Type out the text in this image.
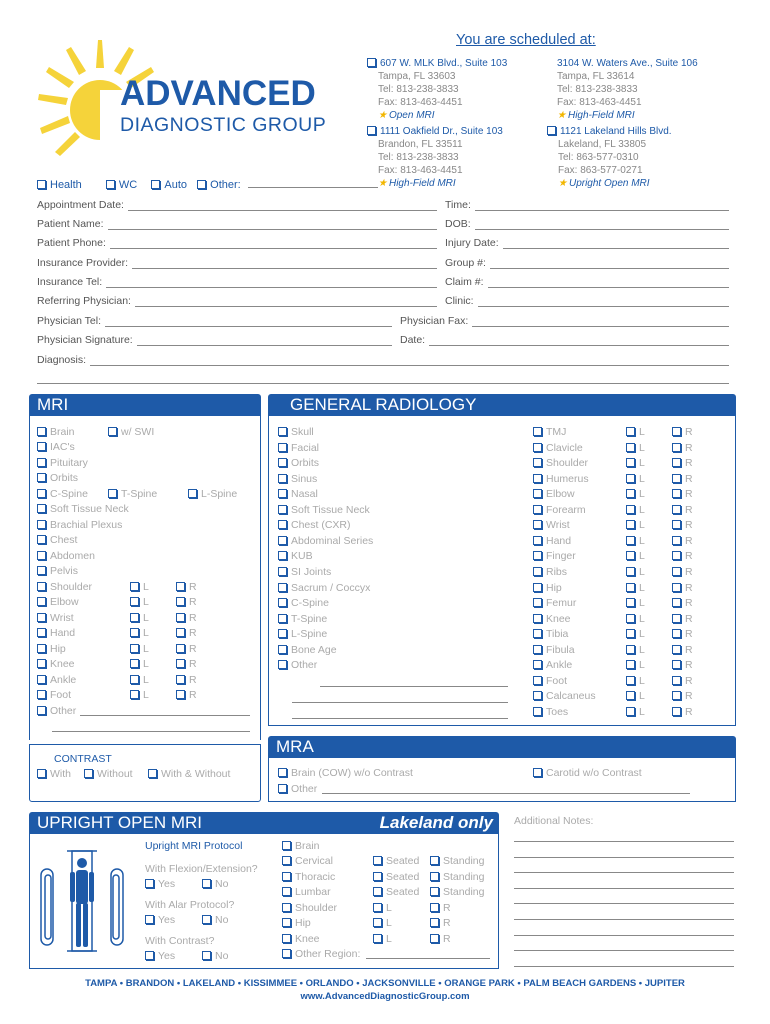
ADVANCED
DIAGNOSTIC GROUP
You are scheduled at:
607 W. MLK Blvd., Suite 103
Tampa, FL 33603
Tel: 813-238-3833
Fax: 813-463-4451
★ Open MRI
3104 W. Waters Ave., Suite 106
Tampa, FL 33614
Tel: 813-238-3833
Fax: 813-463-4451
★ High-Field MRI
1111 Oakfield Dr., Suite 103
Brandon, FL 33511
Tel: 813-238-3833
Fax: 813-463-4451
★ High-Field MRI
1121 Lakeland Hills Blvd.
Lakeland, FL 33805
Tel: 863-577-0310
Fax: 863-577-0271
★ Upright Open MRI
Health	WC Auto Other:
Appointment Date:	Time:
Patient Name:	DOB:
Patient Phone:	Injury Date:
Insurance Provider:	Group #:
Insurance Tel:	Claim #:
Referring Physician:	Clinic:
Physician Tel:	Physician Fax:
Physician Signature:	Date:
Diagnosis:
MRI
Brain	w/ SWI
IAC's
Pituitary
Orbits
C-Spine	T-Spine	L-Spine
Soft Tissue Neck
Brachial Plexus
Chest
Abdomen
Pelvis
Shoulder	L	R
Elbow	L	R
Wrist	L	R
Hand	L	R
Hip	L	R
Knee	L	R
Ankle	L	R
Foot	L	R
Other
CONTRAST
With	Without	With & Without
GENERAL RADIOLOGY
MRA
Brain (COW) w/o Contrast	Carotid w/o Contrast
Other
UPRIGHT OPEN MRI	Lakeland only
Upright MRI Protocol
With Flexion/Extension?
Yes	No
With Alar Protocol?
Yes	No
With Contrast?
Yes	No
Brain
Cervical	Seated	Standing
Thoracic	Seated	Standing
Lumbar	Seated	Standing
Shoulder	L	R
Hip	L	R
Knee	L	R
Other Region:
Additional Notes:
TAMPA • BRANDON • LAKELAND • KISSIMMEE • ORLANDO • JACKSONVILLE • ORANGE PARK • PALM BEACH GARDENS • JUPITER
www.AdvancedDiagnosticGroup.com
Skull
Facial
Orbits
Sinus
Nasal
Soft Tissue Neck
Chest (CXR)
Abdominal Series
KUB
SI Joints
Sacrum / Coccyx
C-Spine
T-Spine
L-Spine
Bone Age
Other
TMJ	L	R
Clavicle	L	R
Shoulder	L	R
Humerus	L	R
Elbow	L	R
Forearm	L	R
Wrist	L	R
Hand	L	R
Finger	L	R
Ribs	L	R
Hip	L	R
Femur	L	R
Knee	L	R
Tibia	L	R
Fibula	L	R
Ankle	L	R
Foot	L	R
Calcaneus	L	R
Toes	L	R
